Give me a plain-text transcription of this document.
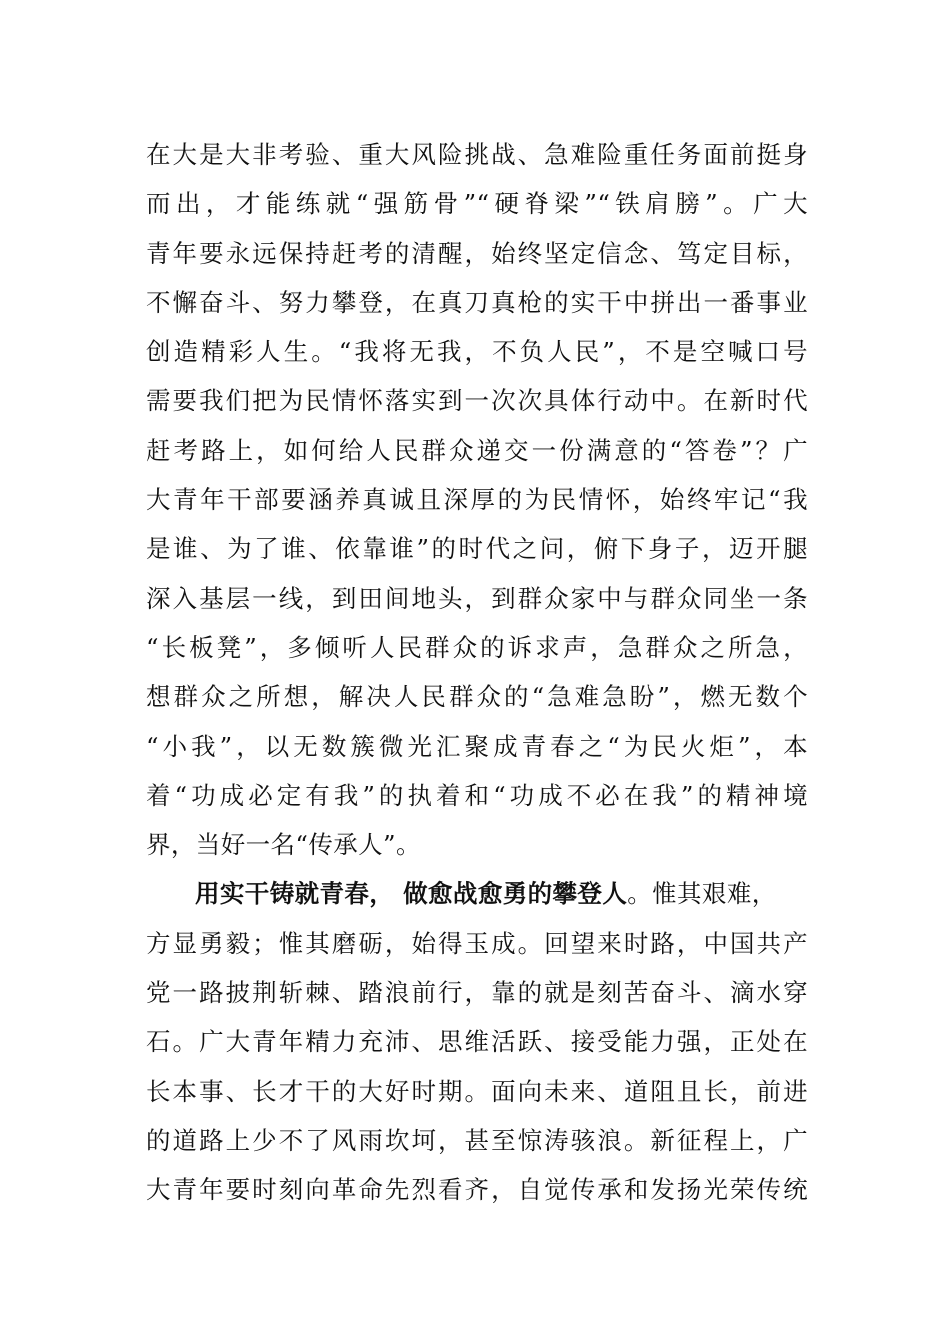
在大是大非考验、重大风险挑战、急难险重任务面前挺身
而出，才能练就“强筋骨”“硬脊梁”“铁肩膀”。广大
青年要永远保持赶考的清醒，始终坚定信念、笃定目标，
不懈奋斗、努力攀登，在真刀真枪的实干中拼出一番事业
创造精彩人生。“我将无我，不负人民”，不是空喊口号
需要我们把为民情怀落实到一次次具体行动中。在新时代
赶考路上，如何给人民群众递交一份满意的“答卷”？广
大青年干部要涵养真诚且深厚的为民情怀，始终牢记“我
是谁、为了谁、依靠谁”的时代之问，俯下身子，迈开腿
深入基层一线，到田间地头，到群众家中与群众同坐一条
“长板凳”，多倾听人民群众的诉求声，急群众之所急，
想群众之所想，解决人民群众的“急难急盼”，燃无数个
“小我”，以无数簇微光汇聚成青春之“为民火炬”，本
着“功成必定有我”的执着和“功成不必在我”的精神境
界，当好一名“传承人”。
用实干铸就青春， 做愈战愈勇的攀登人。惟其艰难，
方显勇毅；惟其磨砺，始得玉成。回望来时路，中国共产
党一路披荆斩棘、踏浪前行，靠的就是刻苦奋斗、滴水穿
石。广大青年精力充沛、思维活跃、接受能力强，正处在
长本事、长才干的大好时期。面向未来、道阻且长，前进
的道路上少不了风雨坎坷，甚至惊涛骇浪。新征程上，广
大青年要时刻向革命先烈看齐，自觉传承和发扬光荣传统
